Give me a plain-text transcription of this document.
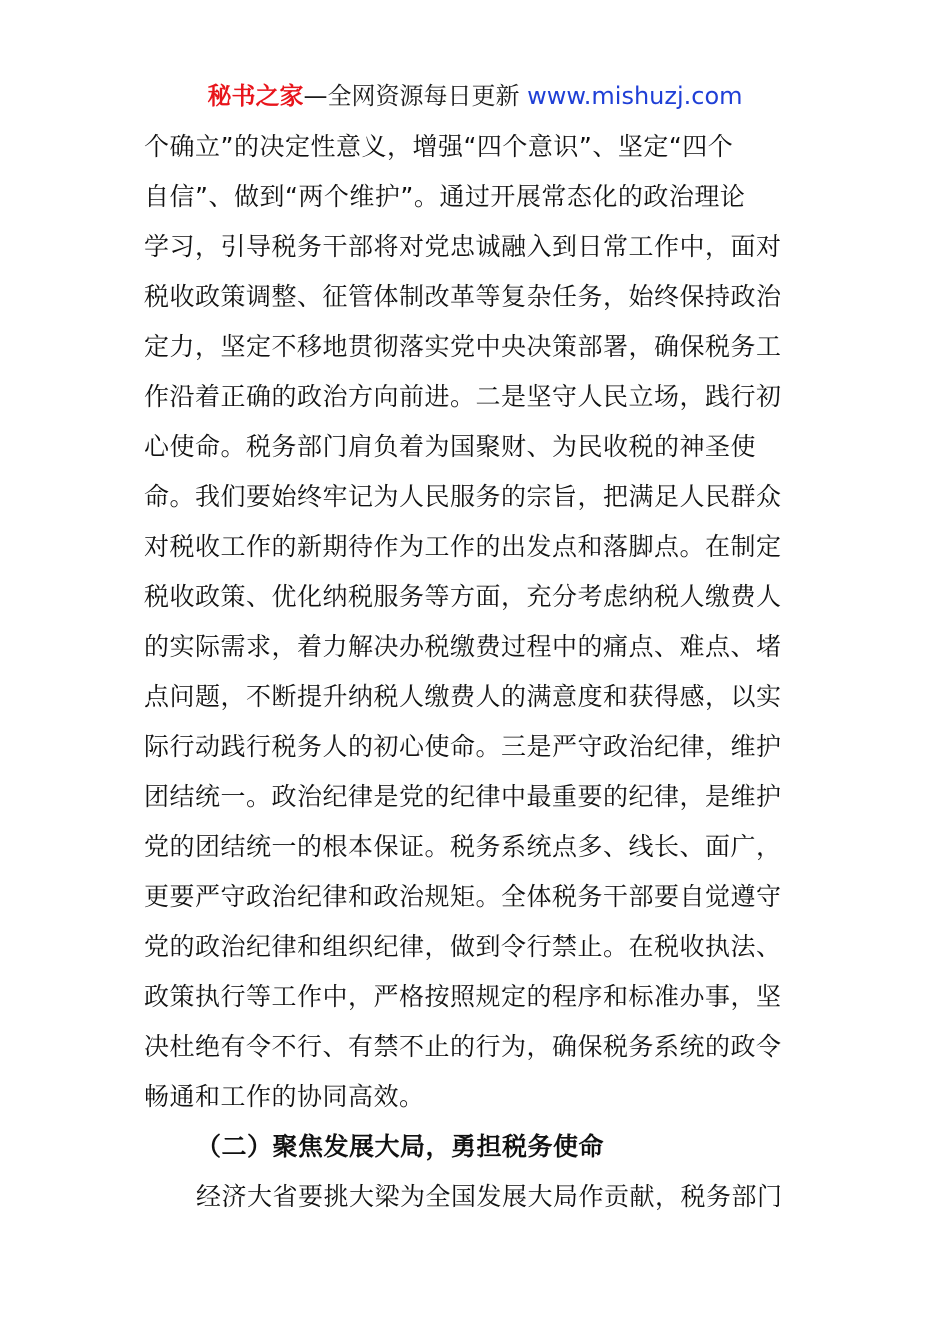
秘书之家—全网资源每日更新 www.mishuzj.com
个确立”的决定性意义，增强“四个意识”、坚定“四个
自信”、做到“两个维护”。通过开展常态化的政治理论
学习，引导税务干部将对党忠诚融入到日常工作中，面对
税收政策调整、征管体制改革等复杂任务，始终保持政治
定力，坚定不移地贯彻落实党中央决策部署，确保税务工
作沿着正确的政治方向前进。二是坚守人民立场，践行初
心使命。税务部门肩负着为国聚财、为民收税的神圣使
命。我们要始终牢记为人民服务的宗旨，把满足人民群众
对税收工作的新期待作为工作的出发点和落脚点。在制定
税收政策、优化纳税服务等方面，充分考虑纳税人缴费人
的实际需求，着力解决办税缴费过程中的痛点、难点、堵
点问题，不断提升纳税人缴费人的满意度和获得感，以实
际行动践行税务人的初心使命。三是严守政治纪律，维护
团结统一。政治纪律是党的纪律中最重要的纪律，是维护
党的团结统一的根本保证。税务系统点多、线长、面广，
更要严守政治纪律和政治规矩。全体税务干部要自觉遵守
党的政治纪律和组织纪律，做到令行禁止。在税收执法、
政策执行等工作中，严格按照规定的程序和标准办事，坚
决杜绝有令不行、有禁不止的行为，确保税务系统的政令
畅通和工作的协同高效。
（二）聚焦发展大局，勇担税务使命
经济大省要挑大梁为全国发展大局作贡献，税务部门
